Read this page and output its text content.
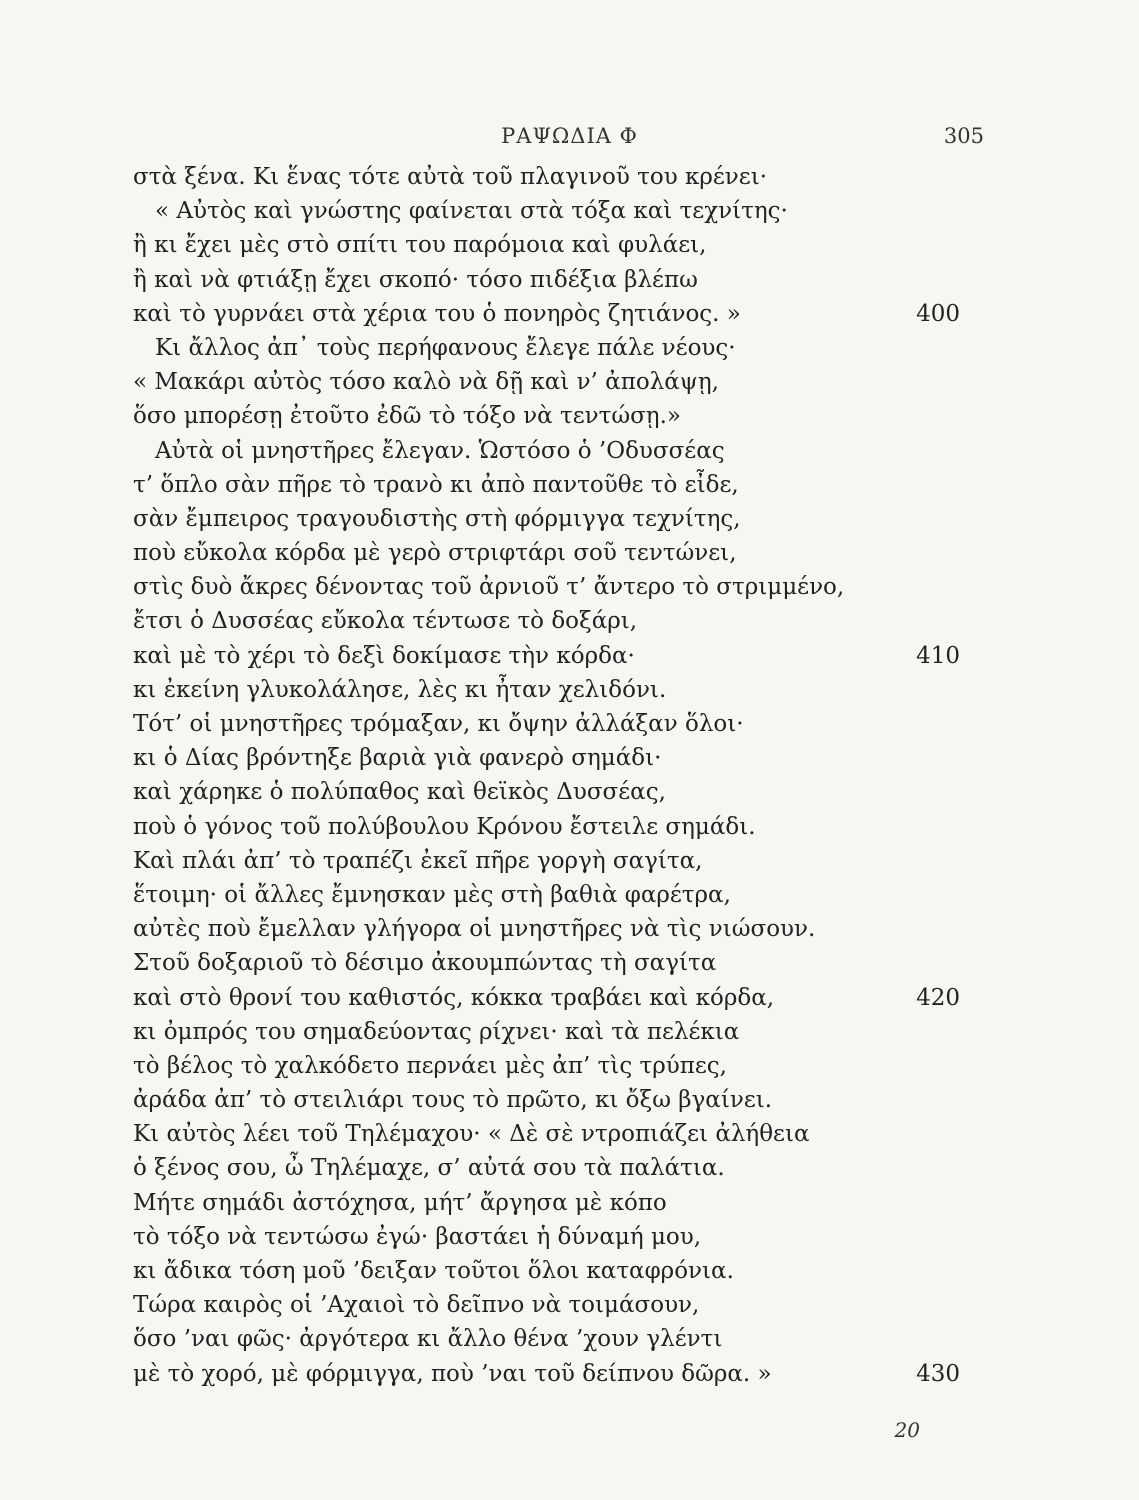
ΡΑΨΩΔΙΑ Φ	305
στὰ ξένα. Κι ἕνας τότε αὐτὰ τοῦ πλαγινοῦ του κρένει·
« Αὐτὸς καὶ γνώστης φαίνεται στὰ τόξα καὶ τεχνίτης·
ἢ κι ἔχει μὲς στὸ σπίτι του παρόμοια καὶ φυλάει,
ἢ καὶ νὰ φτιάξῃ ἔχει σκοπό· τόσο πιδέξια βλέπω
καὶ τὸ γυρνάει στὰ χέρια του ὁ πονηρὸς ζητιάνος. »	400
Κι ἄλλος ἀπ᾽ τοὺς περήφανους ἔλεγε πάλε νέους·
« Μακάρι αὐτὸς τόσο καλὸ νὰ δῇ καὶ ν’ ἀπολάψῃ,
ὅσο μπορέσῃ ἐτοῦτο ἐδῶ τὸ τόξο νὰ τεντώσῃ.»
Αὐτὰ οἱ μνηστῆρες ἔλεγαν. Ὡστόσο ὁ ’Οδυσσέας
τ’ ὅπλο σὰν πῆρε τὸ τρανὸ κι ἀπὸ παντοῦθε τὸ εἶδε,
σὰν ἔμπειρος τραγουδιστὴς στὴ φόρμιγγα τεχνίτης,
ποὺ εὔκολα κόρδα μὲ γερὸ στριφτάρι σοῦ τεντώνει,
στὶς δυὸ ἄκρες δένοντας τοῦ ἀρνιοῦ τ’ ἄντερο τὸ στριμμένο,
ἔτσι ὁ Δυσσέας εὔκολα τέντωσε τὸ δοξάρι,
καὶ μὲ τὸ χέρι τὸ δεξὶ δοκίμασε τὴν κόρδα·	410
κι ἐκείνη γλυκολάλησε, λὲς κι ἦταν χελιδόνι.
Τότ’ οἱ μνηστῆρες τρόμαξαν, κι ὄψην ἀλλάξαν ὅλοι·
κι ὁ Δίας βρόντηξε βαριὰ γιὰ φανερὸ σημάδι·
καὶ χάρηκε ὁ πολύπαθος καὶ θεϊκὸς Δυσσέας,
ποὺ ὁ γόνος τοῦ πολύβουλου Κρόνου ἔστειλε σημάδι.
Καὶ πλάι ἀπ’ τὸ τραπέζι ἐκεῖ πῆρε γοργὴ σαγίτα,
ἕτοιμη· οἱ ἄλλες ἔμνησκαν μὲς στὴ βαθιὰ φαρέτρα,
αὐτὲς ποὺ ἔμελλαν γλήγορα οἱ μνηστῆρες νὰ τὶς νιώσουν.
Στοῦ δοξαριοῦ τὸ δέσιμο ἀκουμπώντας τὴ σαγίτα
καὶ στὸ θρονί του καθιστός, κόκκα τραβάει καὶ κόρδα,	420
κι ὀμπρός του σημαδεύοντας ρίχνει· καὶ τὰ πελέκια
τὸ βέλος τὸ χαλκόδετο περνάει μὲς ἀπ’ τὶς τρύπες,
ἀράδα ἀπ’ τὸ στειλιάρι τους τὸ πρῶτο, κι ὄξω βγαίνει.
Κι αὐτὸς λέει τοῦ Τηλέμαχου· « Δὲ σὲ ντροπιάζει ἀλήθεια
ὁ ξένος σου, ὦ Τηλέμαχε, σ’ αὐτά σου τὰ παλάτια.
Μήτε σημάδι ἀστόχησα, μήτ’ ἄργησα μὲ κόπο
τὸ τόξο νὰ τεντώσω ἐγώ· βαστάει ἡ δύναμή μου,
κι ἄδικα τόση μοῦ ’δειξαν τοῦτοι ὅλοι καταφρόνια.
Τώρα καιρὸς οἱ ’Αχαιοὶ τὸ δεῖπνο νὰ τοιμάσουν,
ὅσο ’ναι φῶς· ἀργότερα κι ἄλλο θένα ’χουν γλέντι
μὲ τὸ χορό, μὲ φόρμιγγα, ποὺ ’ναι τοῦ δείπνου δῶρα. »	430
20
